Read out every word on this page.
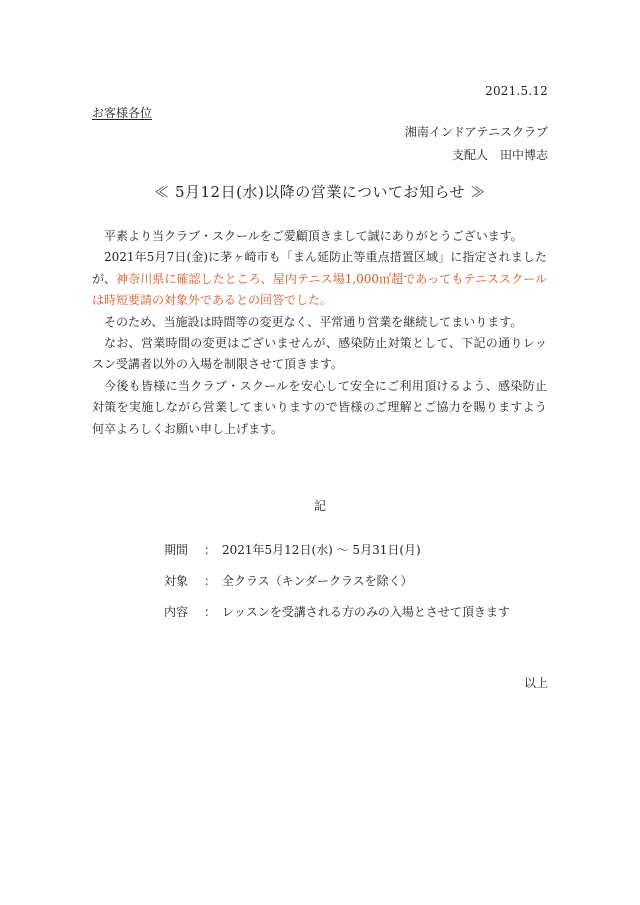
2021.5.12
お客様各位
湘南インドアテニスクラブ
支配人 田中博志
≪ 5月12日(水)以降の営業についてお知らせ ≫

平素より当クラブ・スクールをご愛顧頂きまして誠にありがとうございます。

2021年5月7日(金)に茅ヶ崎市も「まん延防止等重点措置区域」に指定されましたが、神奈川県に確認したところ、屋内テニス場1,000㎡超であってもテニススクールは時短要請の対象外であるとの回答でした。

そのため、当施設は時間等の変更なく、平常通り営業を継続してまいります。

なお、営業時間の変更はございませんが、感染防止対策として、下記の通りレッスン受講者以外の入場を制限させて頂きます。

今後も皆様に当クラブ・スクールを安心して安全にご利用頂けるよう、感染防止対策を実施しながら営業してまいりますので皆様のご理解とご協力を賜りますよう何卒よろしくお願い申し上げます。

記
期間	： 2021年5月12日(水) 〜 5月31日(月)
対象	： 全クラス（キンダークラスを除く）
内容	： レッスンを受講される方のみの入場とさせて頂きます
以上
